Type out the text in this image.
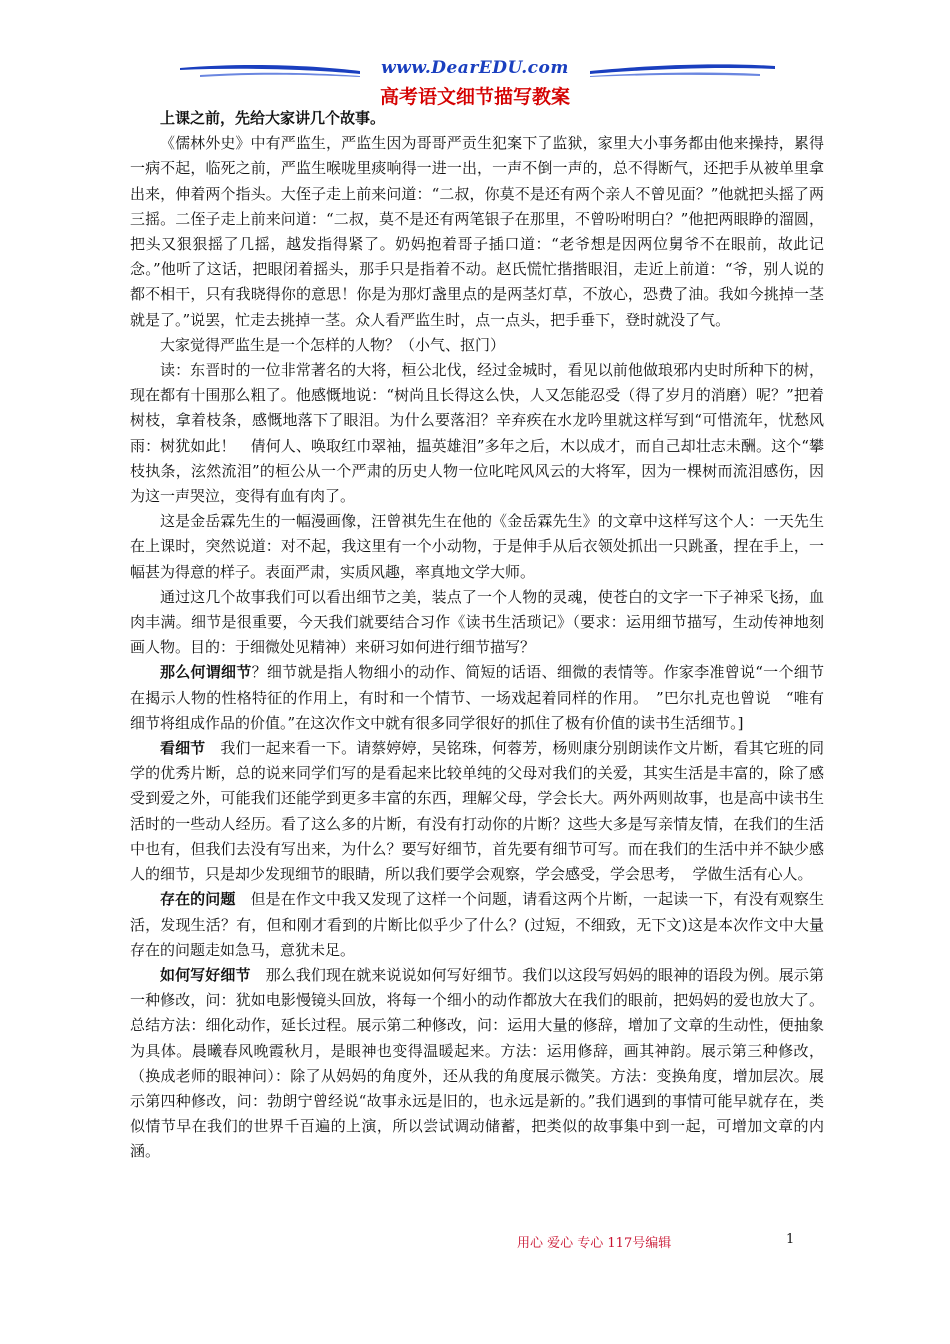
www.DearEDU.com
高考语文细节描写教案

上课之前，先给大家讲几个故事。

《儒林外史》中有严监生，严监生因为哥哥严贡生犯案下了监狱，家里大小事务都由他来操持，累得一病不起，临死之前，严监生喉咙里痰响得一进一出，一声不倒一声的，总不得断气，还把手从被单里拿出来，伸着两个指头。大侄子走上前来问道：“二叔，你莫不是还有两个亲人不曾见面？”他就把头摇了两三摇。二侄子走上前来问道：“二叔，莫不是还有两笔银子在那里，不曾吩咐明白？”他把两眼睁的溜圆，把头又狠狠摇了几摇，越发指得紧了。奶妈抱着哥子插口道：“老爷想是因两位舅爷不在眼前，故此记念。”他听了这话，把眼闭着摇头，那手只是指着不动。赵氏慌忙揩揩眼泪，走近上前道：“爷，别人说的都不相干，只有我晓得你的意思！你是为那灯盏里点的是两茎灯草，不放心，恐费了油。我如今挑掉一茎就是了。”说罢，忙走去挑掉一茎。众人看严监生时，点一点头，把手垂下，登时就没了气。

大家觉得严监生是一个怎样的人物？（小气、抠门）

读：东晋时的一位非常著名的大将，桓公北伐，经过金城时，看见以前他做琅邪内史时所种下的树，现在都有十围那么粗了。他感慨地说：“树尚且长得这么快，人又怎能忍受（得了岁月的消磨）呢？”把着树枝，拿着枝条，感慨地落下了眼泪。为什么要落泪？辛弃疾在水龙吟里就这样写到“可惜流年，忧愁风雨：树犹如此！　倩何人、唤取红巾翠袖，揾英雄泪”多年之后，木以成才，而自己却壮志未酬。这个“攀枝执条，泫然流泪”的桓公从一个严肃的历史人物一位叱咤风风云的大将军，因为一棵树而流泪感伤，因为这一声哭泣，变得有血有肉了。

这是金岳霖先生的一幅漫画像，汪曾祺先生在他的《金岳霖先生》的文章中这样写这个人：一天先生在上课时，突然说道：对不起，我这里有一个小动物，于是伸手从后衣领处抓出一只跳蚤，捏在手上，一幅甚为得意的样子。表面严肃，实质风趣，率真地文学大师。

通过这几个故事我们可以看出细节之美，装点了一个人物的灵魂，使苍白的文字一下子神采飞扬，血肉丰满。细节是很重要，今天我们就要结合习作《读书生活琐记》（要求：运用细节描写，生动传神地刻画人物。目的：于细微处见精神）来研习如何进行细节描写？

那么何谓细节？细节就是指人物细小的动作、简短的话语、细微的表情等。作家李准曾说“一个细节在揭示人物的性格特征的作用上，有时和一个情节、一场戏起着同样的作用。　”巴尔扎克也曾说　“唯有细节将组成作品的价值。”在这次作文中就有很多同学很好的抓住了极有价值的读书生活细节。]

看细节　我们一起来看一下。请蔡婷婷，吴铭珠，何蓉芳，杨则康分别朗读作文片断，看其它班的同学的优秀片断，总的说来同学们写的是看起来比较单纯的父母对我们的关爱，其实生活是丰富的，除了感受到爱之外，可能我们还能学到更多丰富的东西，理解父母，学会长大。两外两则故事，也是高中读书生活时的一些动人经历。看了这么多的片断，有没有打动你的片断？这些大多是写亲情友情，在我们的生活中也有，但我们去没有写出来，为什么？要写好细节，首先要有细节可写。而在我们的生活中并不缺少感人的细节，只是却少发现细节的眼睛，所以我们要学会观察，学会感受，学会思考，　学做生活有心人。

存在的问题　但是在作文中我又发现了这样一个问题，请看这两个片断，一起读一下，有没有观察生活，发现生活？有，但和刚才看到的片断比似乎少了什么？(过短，不细致，无下文)这是本次作文中大量存在的问题走如急马，意犹未足。

如何写好细节　那么我们现在就来说说如何写好细节。我们以这段写妈妈的眼神的语段为例。展示第一种修改，问：犹如电影慢镜头回放，将每一个细小的动作都放大在我们的眼前，把妈妈的爱也放大了。总结方法：细化动作，延长过程。展示第二种修改，问：运用大量的修辞，增加了文章的生动性，便抽象为具体。晨曦春风晚霞秋月，是眼神也变得温暖起来。方法：运用修辞，画其神韵。展示第三种修改，（换成老师的眼神问）：除了从妈妈的角度外，还从我的角度展示微笑。方法：变换角度，增加层次。展示第四种修改，问：勃朗宁曾经说“故事永远是旧的，也永远是新的。”我们遇到的事情可能早就存在，类似情节早在我们的世界千百遍的上演，所以尝试调动储蓄，把类似的故事集中到一起，可增加文章的内涵。

用心 爱心 专心 117号编辑	1
